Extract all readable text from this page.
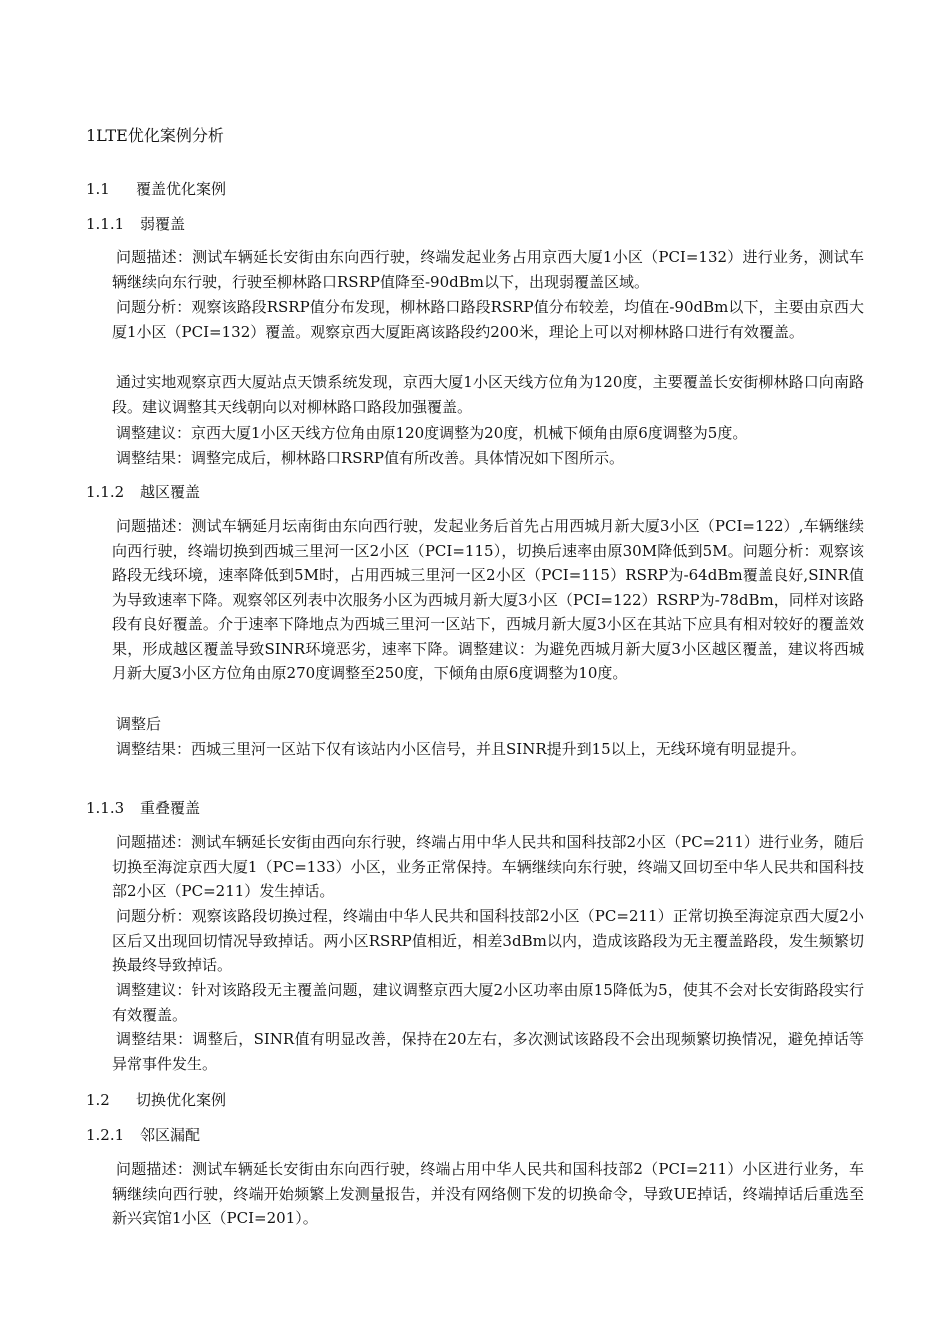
1LTE优化案例分析
1.1 覆盖优化案例
1.1.1 弱覆盖

问题描述：测试车辆延长安街由东向西行驶，终端发起业务占用京西大厦1小区（PCI=132）进行业务，测试车辆继续向东行驶，行驶至柳林路口RSRP值降至-90dBm以下，出现弱覆盖区域。

问题分析：观察该路段RSRP值分布发现，柳林路口路段RSRP值分布较差，均值在-90dBm以下，主要由京西大厦1小区（PCI=132）覆盖。观察京西大厦距离该路段约200米，理论上可以对柳林路口进行有效覆盖。

通过实地观察京西大厦站点天馈系统发现，京西大厦1小区天线方位角为120度，主要覆盖长安街柳林路口向南路段。建议调整其天线朝向以对柳林路口路段加强覆盖。

调整建议：京西大厦1小区天线方位角由原120度调整为20度，机械下倾角由原6度调整为5度。

调整结果：调整完成后，柳林路口RSRP值有所改善。具体情况如下图所示。

1.1.2 越区覆盖

问题描述：测试车辆延月坛南街由东向西行驶，发起业务后首先占用西城月新大厦3小区（PCI=122）,车辆继续向西行驶，终端切换到西城三里河一区2小区（PCI=115），切换后速率由原30M降低到5M。问题分析：观察该路段无线环境，速率降低到5M时，占用西城三里河一区2小区（PCI=115）RSRP为-64dBm覆盖良好,SINR值为导致速率下降。观察邻区列表中次服务小区为西城月新大厦3小区（PCI=122）RSRP为-78dBm，同样对该路段有良好覆盖。介于速率下降地点为西城三里河一区站下，西城月新大厦3小区在其站下应具有相对较好的覆盖效果，形成越区覆盖导致SINR环境恶劣，速率下降。调整建议：为避免西城月新大厦3小区越区覆盖，建议将西城月新大厦3小区方位角由原270度调整至250度，下倾角由原6度调整为10度。

调整后

调整结果：西城三里河一区站下仅有该站内小区信号，并且SINR提升到15以上，无线环境有明显提升。

1.1.3 重叠覆盖

问题描述：测试车辆延长安街由西向东行驶，终端占用中华人民共和国科技部2小区（PC=211）进行业务，随后切换至海淀京西大厦1（PC=133）小区，业务正常保持。车辆继续向东行驶，终端又回切至中华人民共和国科技部2小区（PC=211）发生掉话。

问题分析：观察该路段切换过程，终端由中华人民共和国科技部2小区（PC=211）正常切换至海淀京西大厦2小区后又出现回切情况导致掉话。两小区RSRP值相近，相差3dBm以内，造成该路段为无主覆盖路段，发生频繁切换最终导致掉话。

调整建议：针对该路段无主覆盖问题，建议调整京西大厦2小区功率由原15降低为5，使其不会对长安街路段实行有效覆盖。

调整结果：调整后，SINR值有明显改善，保持在20左右，多次测试该路段不会出现频繁切换情况，避免掉话等异常事件发生。

1.2 切换优化案例
1.2.1 邻区漏配

问题描述：测试车辆延长安街由东向西行驶，终端占用中华人民共和国科技部2（PCI=211）小区进行业务，车辆继续向西行驶，终端开始频繁上发测量报告，并没有网络侧下发的切换命令，导致UE掉话，终端掉话后重选至新兴宾馆1小区（PCI=201）。
